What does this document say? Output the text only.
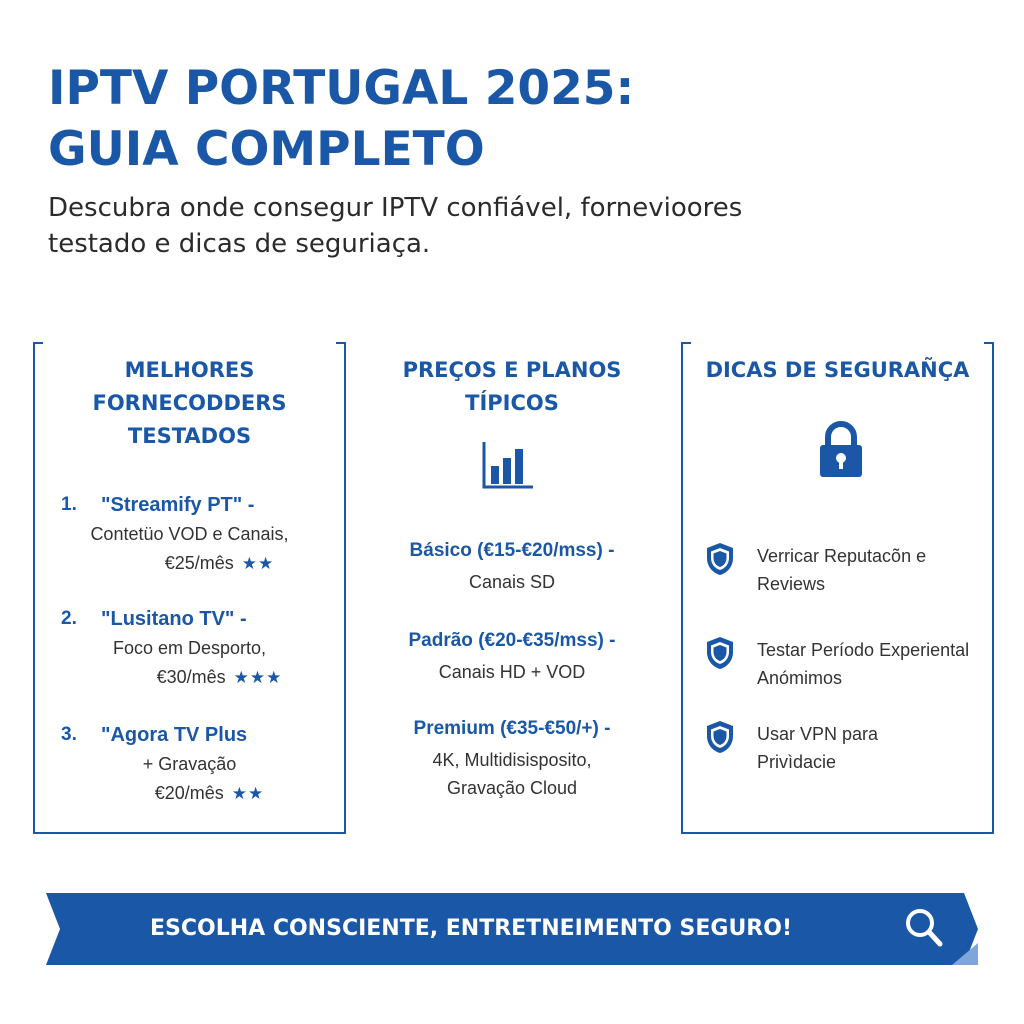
IPTV PORTUGAL 2025:
GUIA COMPLETO

Descubra onde consegur IPTV confiável, fornevioores
testado e dicas de seguriaça.

MELHORES
FORNECODDERS
TESTADOS
1. "Streamify PT" -
Contetüo VOD e Canais,
€25/mês ★★
2. "Lusitano TV" -
Foco em Desporto,
€30/mês ★★★
3. "Agora TV Plus
+ Gravação
€20/mês ★★
PREÇOS E PLANOS
TÍPICOS
Básico (€15-€20/mss) -
Canais SD
Padrão (€20-€35/mss) -
Canais HD + VOD
Premium (€35-€50/+) -
4K, Multidisisposito,
Gravação Cloud
DICAS DE SEGURAÑÇA
Verricar Reputacõn e
Reviews
Testar Período Experiental
Anómimos
Usar VPN para
Privìdacie
ESCOLHA CONSCIENTE, ENTRETNEIMENTO SEGURO!
